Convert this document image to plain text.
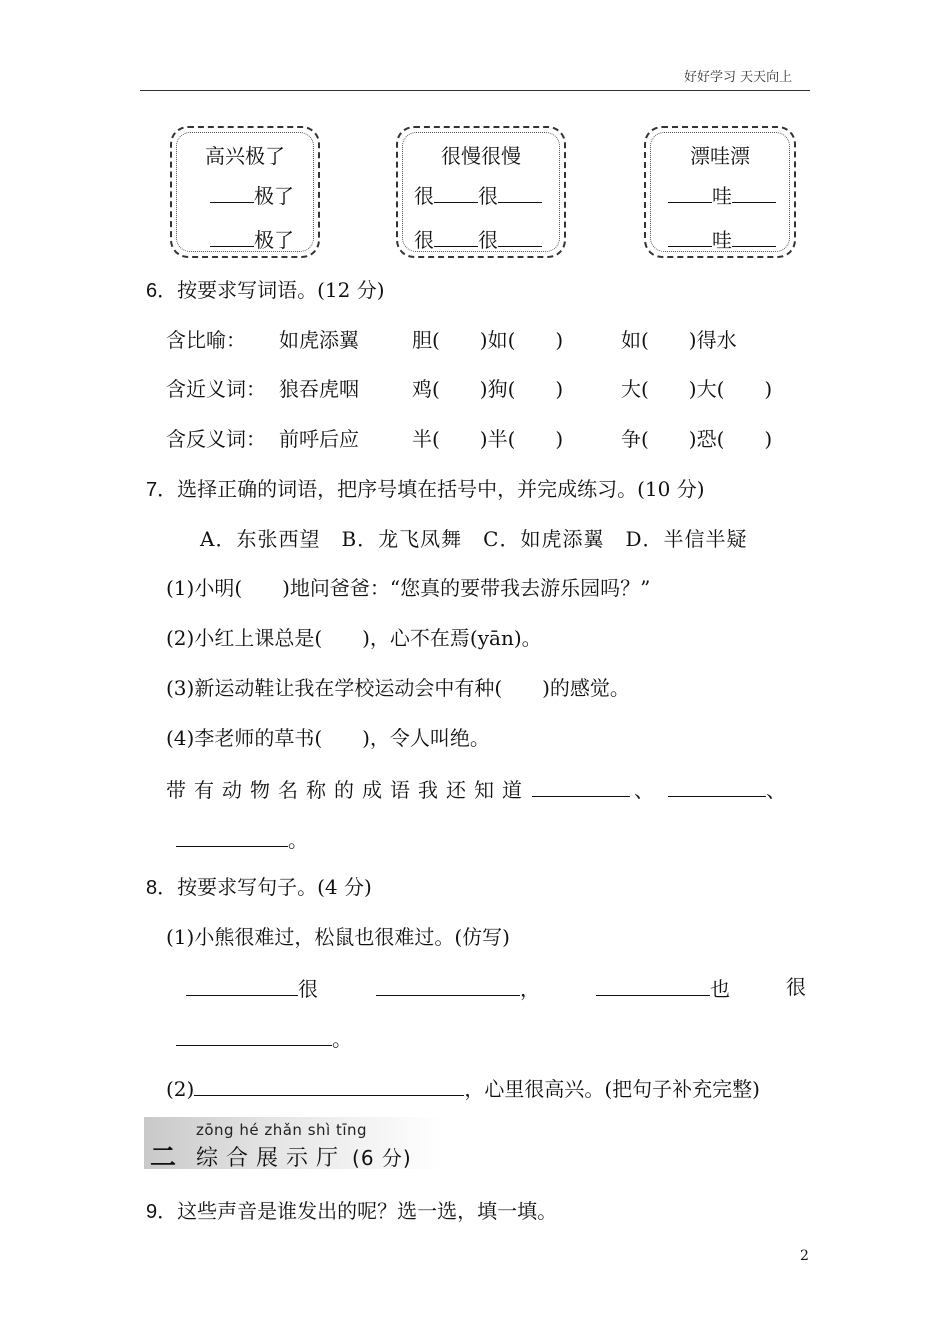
好好学习 天天向上
高兴极了
极了
极了
很慢很慢
很 很
很 很
漂哇漂
哇
哇
6．按要求写词语。(12 分)
含比喻： 如虎添翼	胆(　　)如(　　)	如(　　)得水
含近义词： 狼吞虎咽	鸡(　　)狗(　　)	大(　　)大(　　)
含反义词： 前呼后应	半(　　)半(　　)	争(　　)恐(　　)
7．选择正确的词语，把序号填在括号中，并完成练习。(10 分)
A．东张西望　B．龙飞凤舞　C．如虎添翼　D．半信半疑
(1)小明(　　)地问爸爸：“您真的要带我去游乐园吗？”
(2)小红上课总是(　　)，心不在焉(yān)。
(3)新运动鞋让我在学校运动会中有种(　　)的感觉。
(4)李老师的草书(　　)，令人叫绝。
带有动物名称的成语我还知道	、	、
。
8．按要求写句子。(4 分)
(1)小熊很难过，松鼠也很难过。(仿写)
很	，	也	很
。
(2)	，心里很高兴。(把句子补充完整)
二
zōng hé zhǎn shì tīng
综合展示厅 (6 分)
9．这些声音是谁发出的呢？选一选，填一填。
2
